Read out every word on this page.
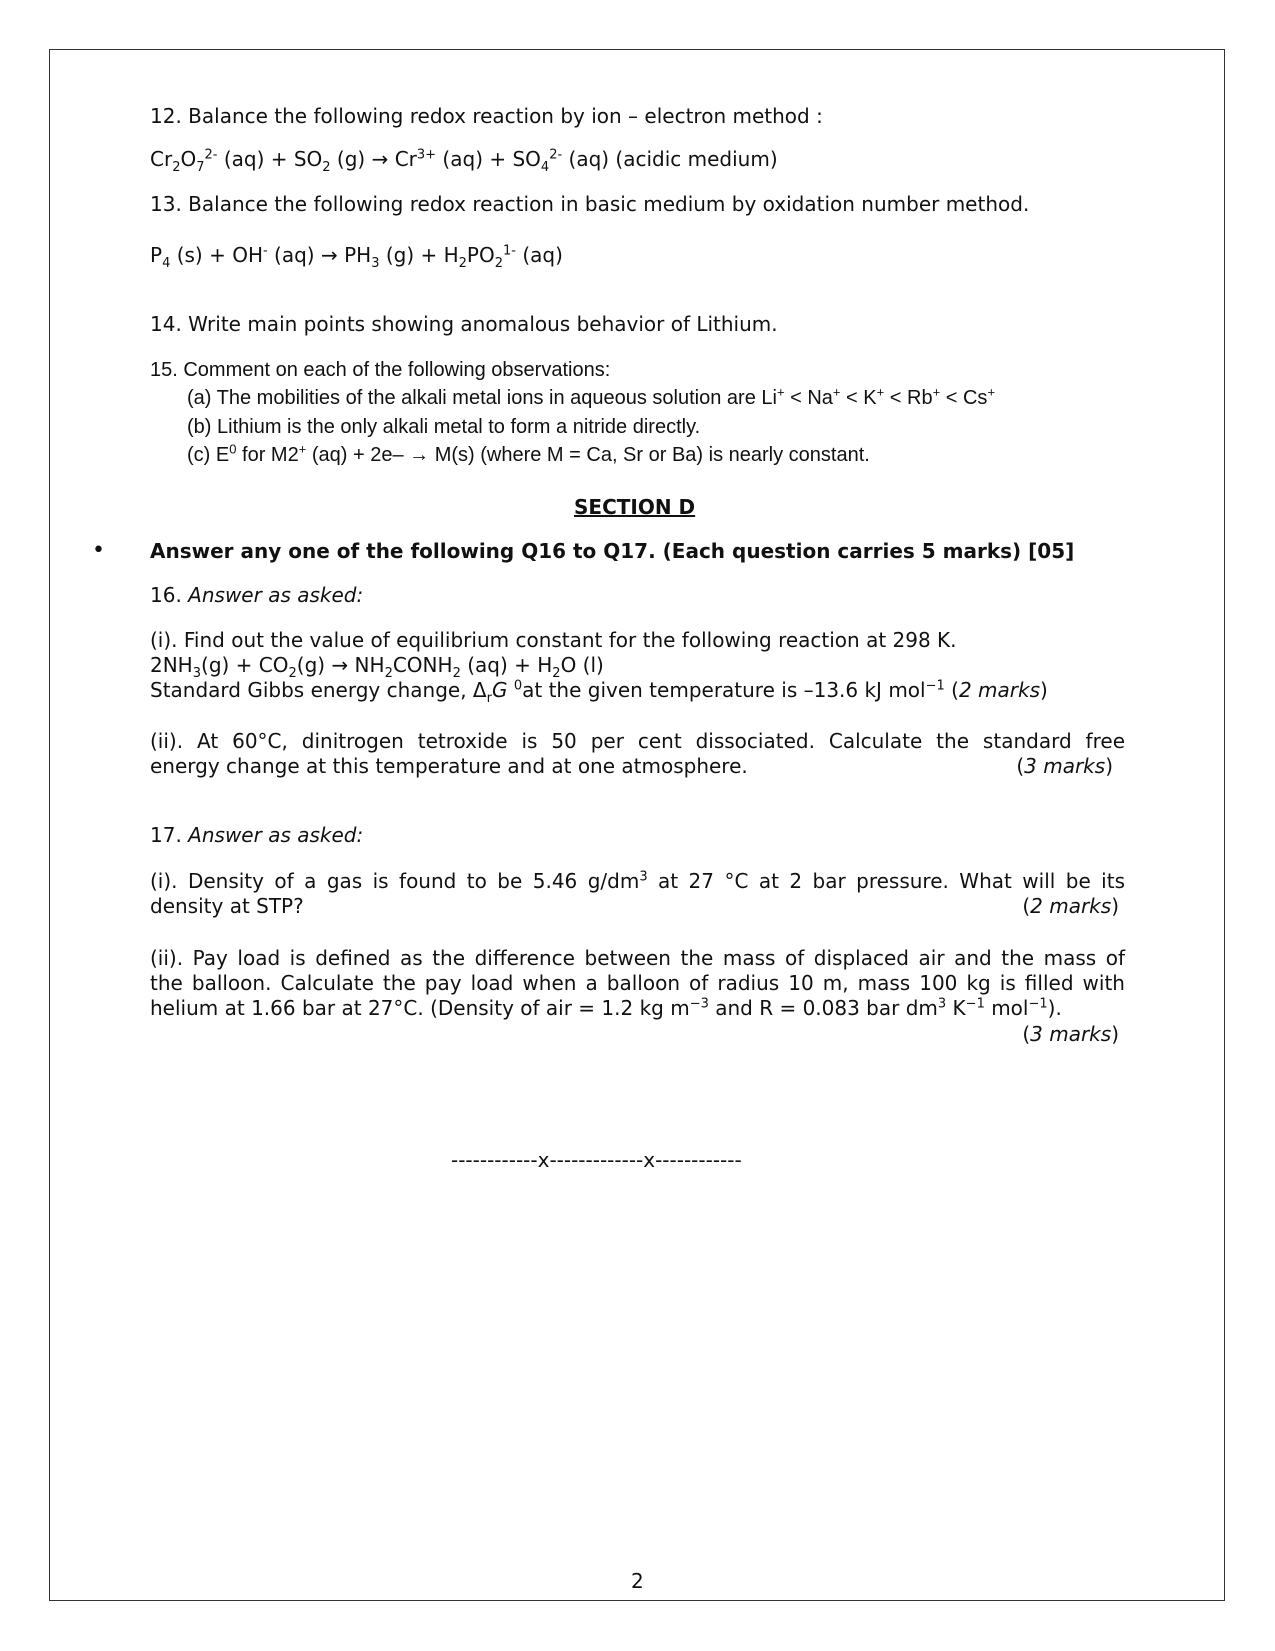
12. Balance the following redox reaction by ion – electron method :
$Cr_2O_7^{2-}$ $(aq) + SO_2$ $(g) \to Cr^{3+}$ $(aq) + SO_4^{2-}$ (aq) (acidic medium)
13. Balance the following redox reaction in basic medium by oxidation number method.
$P_4$ (s) + OH- $(aq) \to PH_3$ $(g) + H_2PO_2^{1-}$ (aq)
14. Write main points showing anomalous behavior of Lithium.
15. Comment on each of the following observations:
(a) The mobilities of the alkali metal ions in aqueous solution are Li+ < Na+ < K+ < Rb+ < Cs+
(b) Lithium is the only alkali metal to form a nitride directly.
(c) $E^0$ for M2+ (aq) + 2e– → M(s) (where M = Ca, Sr or Ba) is nearly constant.
SECTION D
• Answer any one of the following Q16 to Q17. (Each question carries 5 marks) [05]
16. Answer as asked:
(i). Find out the value of equilibrium constant for the following reaction at 298 K.
$2NH_3(g) + CO_2(g)$ → $NH_2CONH_2$ $(aq) + H_2O$ (l)
Standard Gibbs energy change, $\Delta_rG$ $^0$at the given temperature is –13.6 kJ mol$^{-1}$ (2 marks)
(ii). At 60°C, dinitrogen tetroxide is 50 per cent dissociated. Calculate the standard free
energy change at this temperature and at one atmosphere.	(3 marks)
17. Answer as asked:
(i). Density of a gas is found to be 5.46 $g/dm^3$ at 27 °C at 2 bar pressure. What will be its
density at STP?	(2 marks)
(ii). Pay load is defined as the difference between the mass of displaced air and the mass of
the balloon. Calculate the pay load when a balloon of radius 10 m, mass 100 kg is filled with
helium at 1.66 bar at 27°C. (Density of air = 1.2 kg $m^{-3}$ and R = 0.083 bar $dm^3$ $K^{-1}$ mol$^{-1}$).
(3 marks)
------------x-------------x------------
2
